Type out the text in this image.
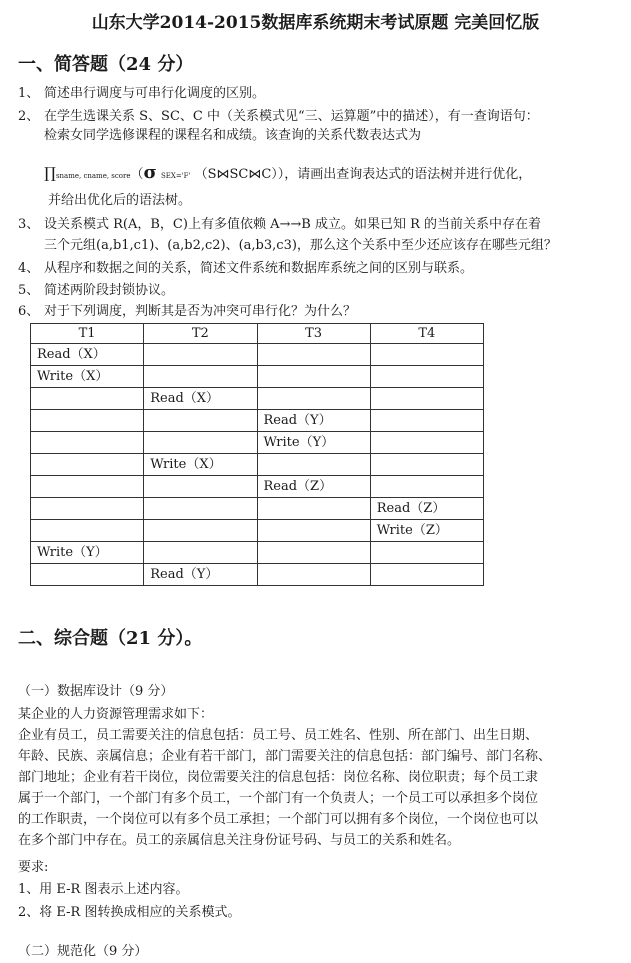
山东大学2014-2015数据库系统期末考试原题 完美回忆版
一、简答题（24 分）
1、 简述串行调度与可串行化调度的区别。
2、 在学生选课关系 S、SC、C 中（关系模式见“三、运算题”中的描述），有一查询语句：
检索女同学选修课程的课程名和成绩。该查询的关系代数表达式为
∏sname, cname, score（σ SEX='F' （S⋈SC⋈C）），请画出查询表达式的语法树并进行优化，
并给出优化后的语法树。
3、 设关系模式 R(A，B，C)上有多值依赖 A→→B 成立。如果已知 R 的当前关系中存在着
三个元组(a,b1,c1)、(a,b2,c2)、(a,b3,c3)，那么这个关系中至少还应该存在哪些元组？
4、 从程序和数据之间的关系，简述文件系统和数据库系统之间的区别与联系。
5、 简述两阶段封锁协议。
6、 对于下列调度，判断其是否为冲突可串行化？为什么？
T1	T2	T3	T4
Read（X）			
Write（X）			
	Read（X）		
		Read（Y）	
		Write（Y）	
	Write（X）		
		Read（Z）	
			Read（Z）
			Write（Z）
Write（Y）			
	Read（Y）		
二、综合题（21 分）。
（一）数据库设计（9 分）
某企业的人力资源管理需求如下：
企业有员工，员工需要关注的信息包括：员工号、员工姓名、性别、所在部门、出生日期、
年龄、民族、亲属信息；企业有若干部门，部门需要关注的信息包括：部门编号、部门名称、
部门地址；企业有若干岗位，岗位需要关注的信息包括：岗位名称、岗位职责；每个员工隶
属于一个部门，一个部门有多个员工，一个部门有一个负责人；一个员工可以承担多个岗位
的工作职责，一个岗位可以有多个员工承担；一个部门可以拥有多个岗位，一个岗位也可以
在多个部门中存在。员工的亲属信息关注身份证号码、与员工的关系和姓名。
要求:
1、用 E-R 图表示上述内容。
2、将 E-R 图转换成相应的关系模式。
（二）规范化（9 分）
